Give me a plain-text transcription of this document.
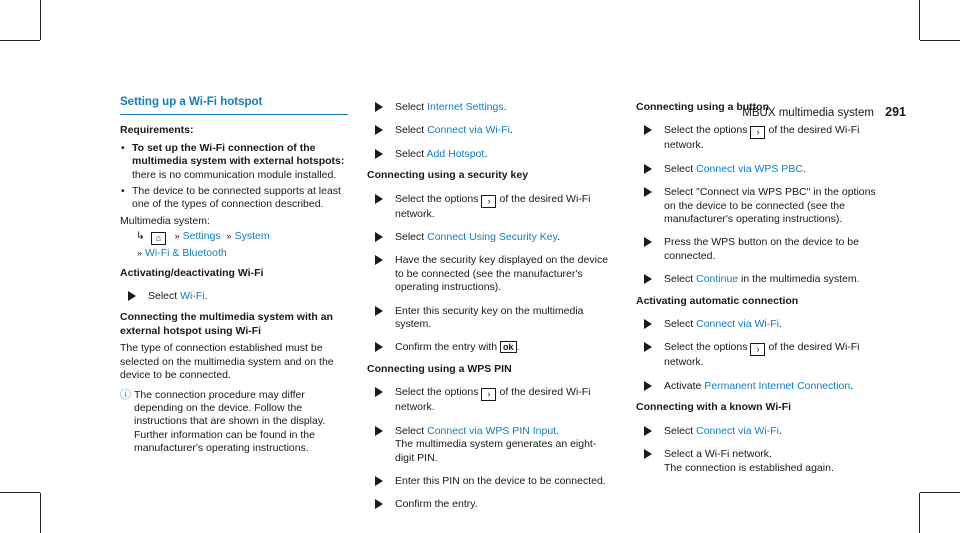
MBUX multimedia system 291
Setting up a Wi-Fi hotspot
Requirements:
• To set up the Wi-Fi connection of the multimedia system with external hotspots: there is no communication module installed.
• The device to be connected supports at least one of the types of connection described.
Multimedia system:
↳ ⌂ » Settings » System
» Wi-Fi & Bluetooth
Activating/deactivating Wi-Fi
Select Wi-Fi.
Connecting the multimedia system with an external hotspot using Wi-Fi
The type of connection established must be selected on the multimedia system and on the device to be connected.
ⓘ The connection procedure may differ depending on the device. Follow the instructions that are shown in the display. Further information can be found in the manufacturer's operating instructions.
Select Internet Settings.
Select Connect via Wi-Fi.
Select Add Hotspot.
Connecting using a security key
Select the options › of the desired Wi-Fi network.
Select Connect Using Security Key.
Have the security key displayed on the device to be connected (see the manufacturer's operating instructions).
Enter this security key on the multimedia system.
Confirm the entry with ok .
Connecting using a WPS PIN
Select the options › of the desired Wi-Fi network.
Select Connect via WPS PIN Input.
The multimedia system generates an eight-digit PIN.
Enter this PIN on the device to be connected.
Confirm the entry.
Connecting using a button
Select the options › of the desired Wi-Fi network.
Select Connect via WPS PBC.
Select "Connect via WPS PBC" in the options on the device to be connected (see the manufacturer's operating instructions).
Press the WPS button on the device to be connected.
Select Continue in the multimedia system.
Activating automatic connection
Select Connect via Wi-Fi.
Select the options › of the desired Wi-Fi network.
Activate Permanent Internet Connection.
Connecting with a known Wi-Fi
Select Connect via Wi-Fi.
Select a Wi-Fi network.
The connection is established again.
